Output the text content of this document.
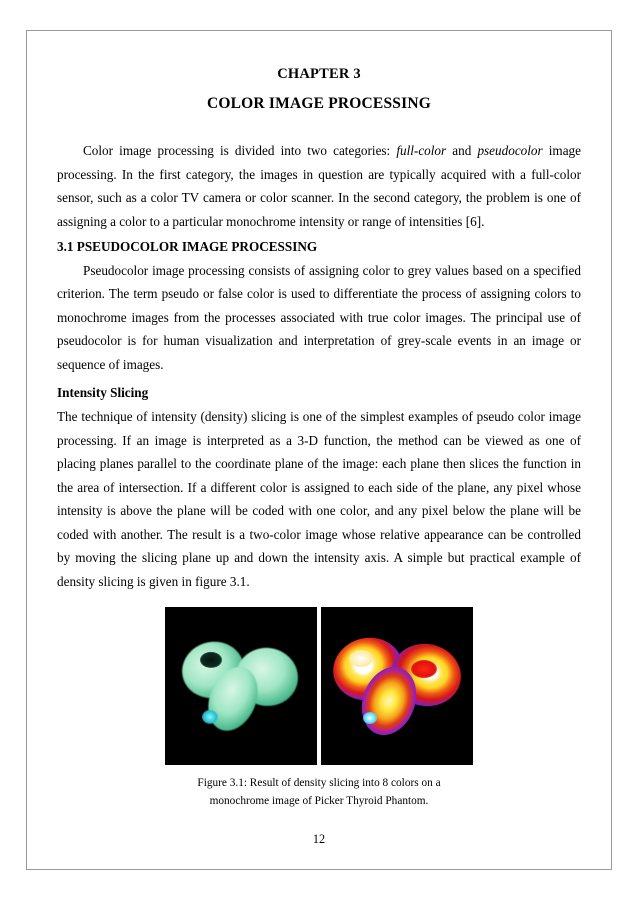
CHAPTER 3
COLOR IMAGE PROCESSING

Color image processing is divided into two categories: full-color and pseudocolor image processing. In the first category, the images in question are typically acquired with a full-color sensor, such as a color TV camera or color scanner. In the second category, the problem is one of assigning a color to a particular monochrome intensity or range of intensities [6].

3.1 PSEUDOCOLOR IMAGE PROCESSING

Pseudocolor image processing consists of assigning color to grey values based on a specified criterion. The term pseudo or false color is used to differentiate the process of assigning colors to monochrome images from the processes associated with true color images. The principal use of pseudocolor is for human visualization and interpretation of grey-scale events in an image or sequence of images.

Intensity Slicing

The technique of intensity (density) slicing is one of the simplest examples of pseudo color image processing. If an image is interpreted as a 3-D function, the method can be viewed as one of placing planes parallel to the coordinate plane of the image: each plane then slices the function in the area of intersection. If a different color is assigned to each side of the plane, any pixel whose intensity is above the plane will be coded with one color, and any pixel below the plane will be coded with another. The result is a two-color image whose relative appearance can be controlled by moving the slicing plane up and down the intensity axis. A simple but practical example of density slicing is given in figure 3.1.

Figure 3.1: Result of density slicing into 8 colors on a
monochrome image of Picker Thyroid Phantom.
12
